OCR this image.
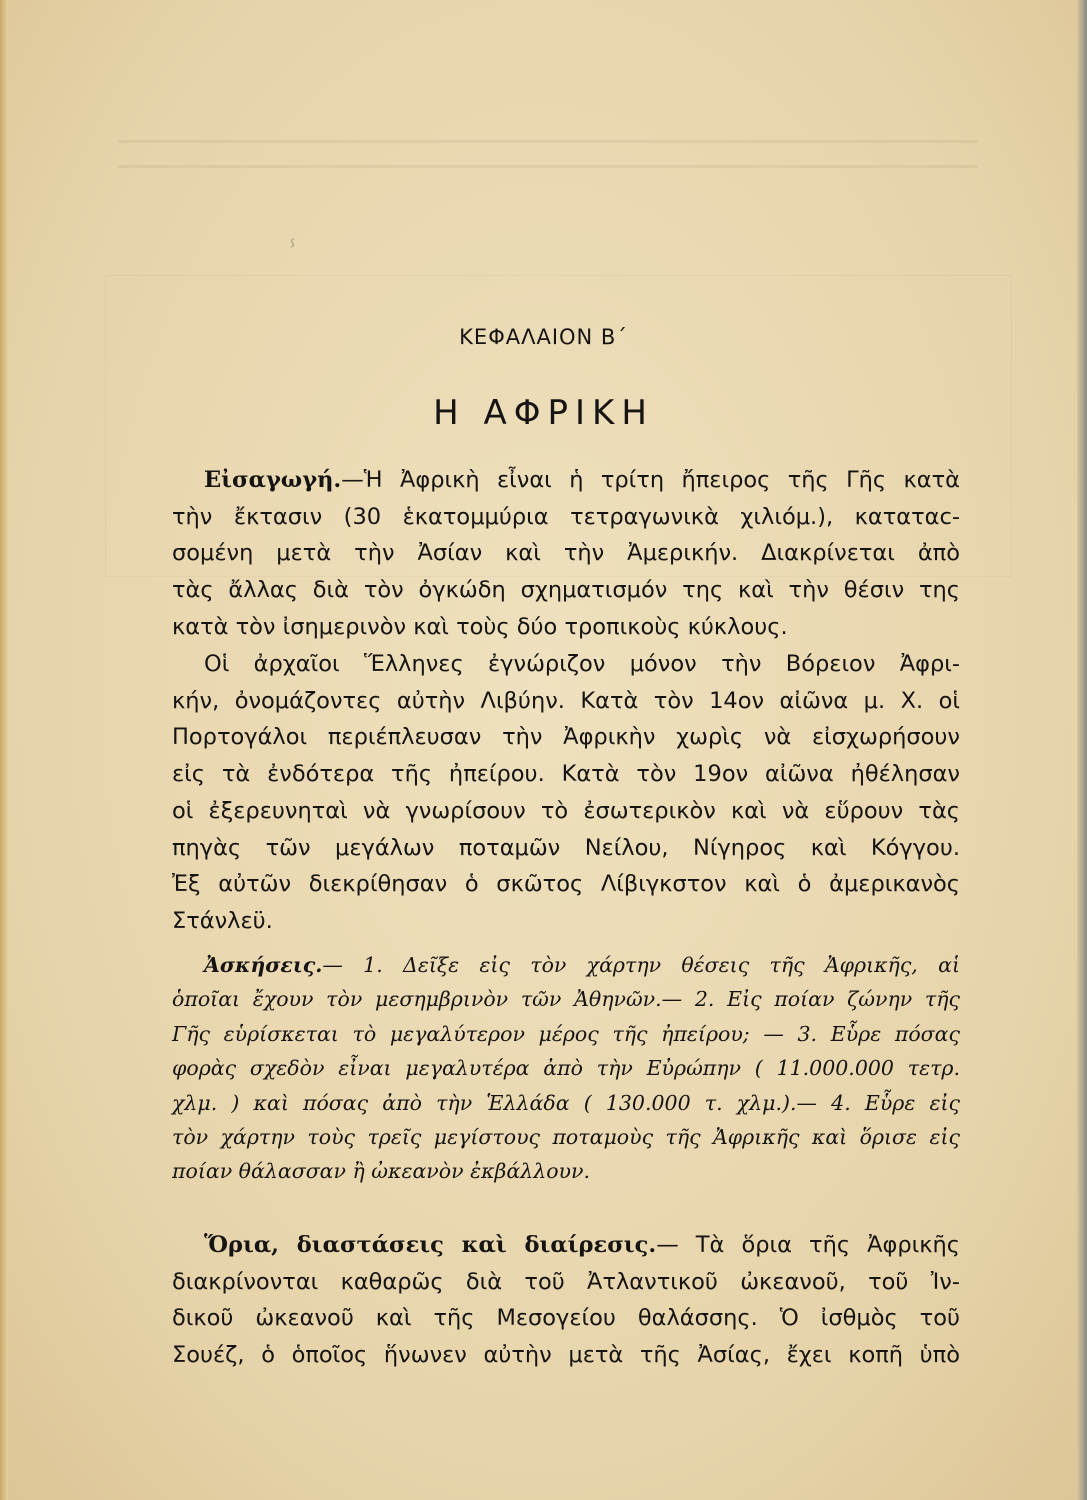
ⸯ
ΚΕΦΑΛΑΙΟΝ Β΄
Η ΑΦΡΙΚΗ
Εἰσαγωγή.—Ἡ Ἀφρικὴ εἶναι ἡ τρίτη ἤπειρος τῆς Γῆς κατὰ
τὴν ἔκτασιν (30 ἑκατομμύρια τετραγωνικὰ χιλιόμ.), καταταc-
σομένη μετὰ τὴν Ἀσίαν καὶ τὴν Ἀμερικήν. Διακρίνεται ἀπὸ
τὰς ἄλλας διὰ τὸν ὀγκώδη σχηματισμόν της καὶ τὴν θέσιν της
κατὰ τὸν ἰσημερινὸν καὶ τοὺς δύο τροπικοὺς κύκλους.
Οἱ ἀρχαῖοι Ἕλληνες ἐγνώριζον μόνον τὴν Βόρειον Ἀφρι-
κήν, ὀνομάζοντες αὐτὴν Λιβύην. Κατὰ τὸν 14ον αἰῶνα μ. Χ. οἱ
Πορτογάλοι περιέπλευσαν τὴν Ἀφρικὴν χωρὶς νὰ εἰσχωρήσουν
εἰς τὰ ἐνδότερα τῆς ἠπείρου. Κατὰ τὸν 19ον αἰῶνα ἠθέλησαν
οἱ ἐξερευνηταὶ νὰ γνωρίσουν τὸ ἐσωτερικὸν καὶ νὰ εὕρουν τὰς
πηγὰς τῶν μεγάλων ποταμῶν Νείλου, Νίγηρος καὶ Κόγγου.
Ἐξ αὐτῶν διεκρίθησαν ὁ σκῶτος Λίβιγκστον καὶ ὁ ἀμερικανὸς
Στάνλεϋ.
Ἀσκήσεις.— 1. Δεῖξε εἰς τὸν χάρτην θέσεις τῆς Ἀφρικῆς, αἱ
ὁποῖαι ἔχουν τὸν μεσημβρινὸν τῶν Ἀθηνῶν.— 2. Εἰς ποίαν ζώνην τῆς
Γῆς εὑρίσκεται τὸ μεγαλύτερον μέρος τῆς ἠπείρου; — 3. Εὗρε πόσας
φορὰς σχεδὸν εἶναι μεγαλυτέρα ἀπὸ τὴν Εὐρώπην ( 11.000.000 τετρ.
χλμ. ) καὶ πόσας ἀπὸ τὴν Ἑλλάδα ( 130.000 τ. χλμ.).— 4. Εὗρε εἰς
τὸν χάρτην τοὺς τρεῖς μεγίστους ποταμοὺς τῆς Ἀφρικῆς καὶ ὅρισε εἰς
ποίαν θάλασσαν ἢ ὠκεανὸν ἐκβάλλουν.
Ὅρια, διαστάσεις καὶ διαίρεσις.— Τὰ ὅρια τῆς Ἀφρικῆς
διακρίνονται καθαρῶς διὰ τοῦ Ἀτλαντικοῦ ὠκεανοῦ, τοῦ Ἰν-
δικοῦ ὠκεανοῦ καὶ τῆς Μεσογείου θαλάσσης. Ὁ ἰσθμὸς τοῦ
Σουέζ, ὁ ὁποῖος ἥνωνεν αὐτὴν μετὰ τῆς Ἀσίας, ἔχει κοπῆ ὑπὸ
